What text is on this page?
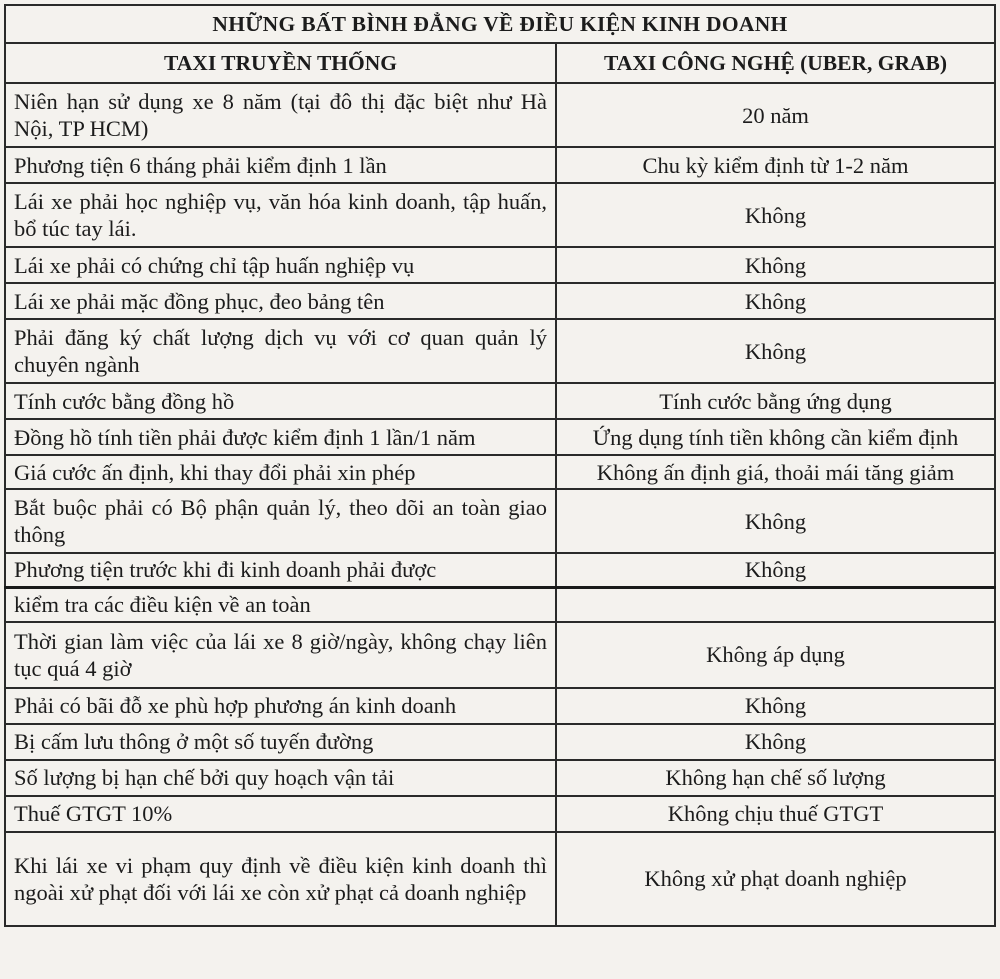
NHỮNG BẤT BÌNH ĐẲNG VỀ ĐIỀU KIỆN KINH DOANH	
TAXI TRUYỀN THỐNG	TAXI CÔNG NGHỆ (UBER, GRAB)
Niên hạn sử dụng xe 8 năm (tại đô thị đặc biệt như Hà Nội, TP HCM)	20 năm
Phương tiện 6 tháng phải kiểm định 1 lần	Chu kỳ kiểm định từ 1-2 năm
Lái xe phải học nghiệp vụ, văn hóa kinh doanh, tập huấn, bổ túc tay lái.	Không
Lái xe phải có chứng chỉ tập huấn nghiệp vụ	Không
Lái xe phải mặc đồng phục, đeo bảng tên	Không
Phải đăng ký chất lượng dịch vụ với cơ quan quản lý chuyên ngành	Không
Tính cước bằng đồng hồ	Tính cước bằng ứng dụng
Đồng hồ tính tiền phải được kiểm định 1 lần/1 năm	Ứng dụng tính tiền không cần kiểm định
Giá cước ấn định, khi thay đổi phải xin phép	Không ấn định giá, thoải mái tăng giảm
Bắt buộc phải có Bộ phận quản lý, theo dõi an toàn giao thông	Không
Phương tiện trước khi đi kinh doanh phải được	Không
kiểm tra các điều kiện về an toàn	
Thời gian làm việc của lái xe 8 giờ/ngày, không chạy liên tục quá 4 giờ	Không áp dụng
Phải có bãi đỗ xe phù hợp phương án kinh doanh	Không
Bị cấm lưu thông ở một số tuyến đường	Không
Số lượng bị hạn chế bởi quy hoạch vận tải	Không hạn chế số lượng
Thuế GTGT 10%	Không chịu thuế GTGT
Khi lái xe vi phạm quy định về điều kiện kinh doanh thì ngoài xử phạt đối với lái xe còn xử phạt cả doanh nghiệp	Không xử phạt doanh nghiệp
